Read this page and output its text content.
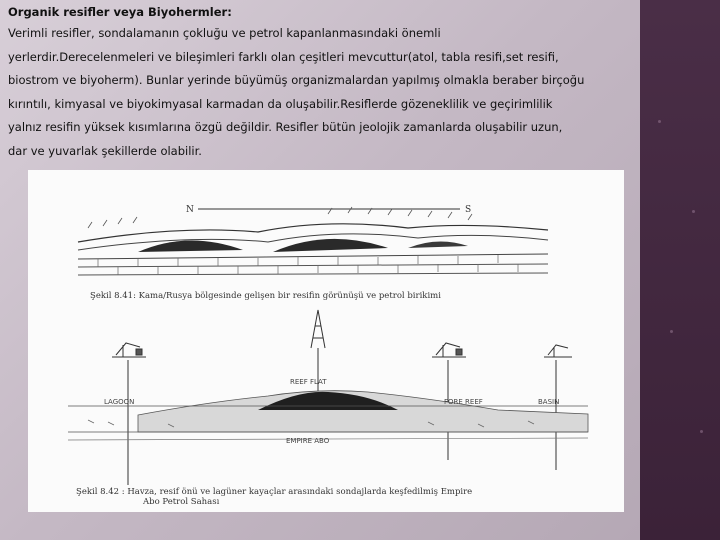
Organik resifler veya Biyohermler:

Verimli resifler, sondalamanın çokluğu ve petrol kapanlanmasındaki önemli

yerlerdir.Derecelenmeleri ve bileşimleri farklı olan çeşitleri mevcuttur(atol, tabla resifi,set resifi,

biostrom ve biyoherm). Bunlar yerinde büyümüş organizmalardan yapılmış olmakla beraber birçoğu

kırıntılı, kimyasal ve biyokimyasal karmadan da oluşabilir.Resiflerde gözeneklilik ve geçirimlilik

yalnız resifin yüksek kısımlarına özgü değildir. Resifler bütün jeolojik zamanlarda oluşabilir uzun,

dar ve yuvarlak şekillerde olabilir.

N	S
Şekil 8.41: Kama/Rusya bölgesinde gelişen bir resifin görünüşü ve petrol birikimi
LAGOON
REEF FLAT
FORE REEF	BASIN
EMPIRE ABO
Şekil 8.42 : Havza, resif önü ve lagüner kayaçlar arasındaki sondajlarda keşfedilmiş Empire
Abo Petrol Sahası
